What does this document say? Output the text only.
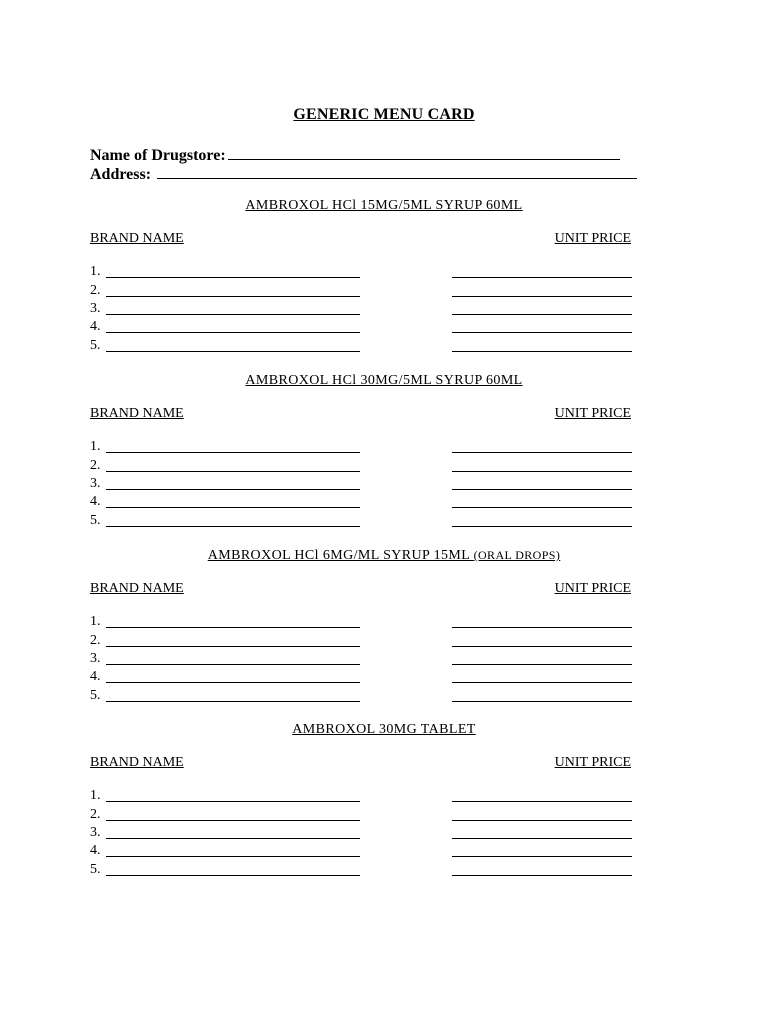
GENERIC MENU CARD
Name of Drugstore:
Address:
AMBROXOL HCl 15MG/5ML SYRUP 60ML
BRAND NAME	UNIT PRICE
1.
2.
3.
4.
5.
AMBROXOL HCl 30MG/5ML SYRUP 60ML
BRAND NAME	UNIT PRICE
1.
2.
3.
4.
5.
AMBROXOL HCl 6MG/ML SYRUP 15ML (ORAL DROPS)
BRAND NAME	UNIT PRICE
1.
2.
3.
4.
5.
AMBROXOL 30MG TABLET
BRAND NAME	UNIT PRICE
1.
2.
3.
4.
5.
